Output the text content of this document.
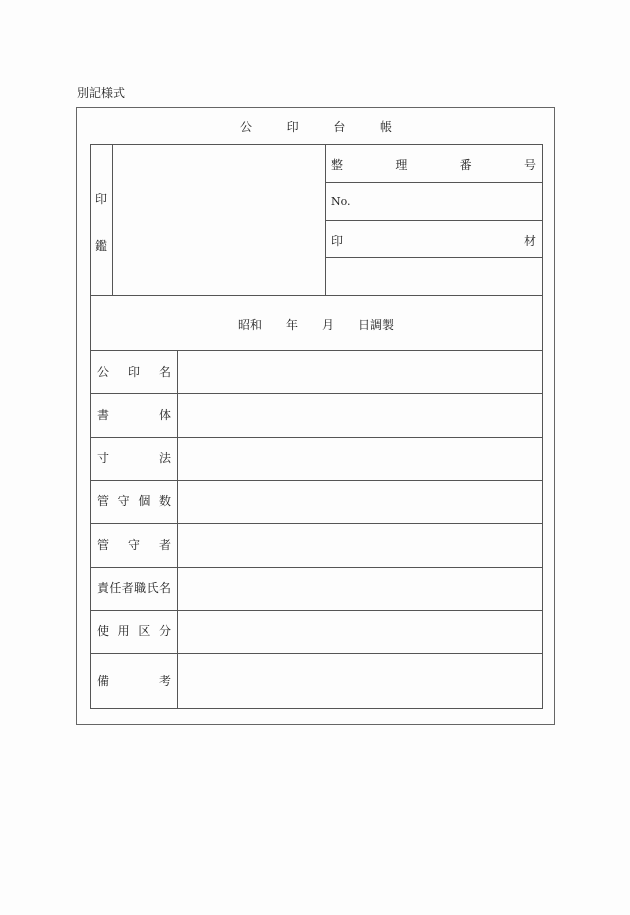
別記様式
公	印	台	帳
印
鑑
整	理	番	号
No.
印	材
昭和 年 月 日調製
公 印 名
書	体
寸	法
管 守 個 数
管 守 者
責 任 者 職 氏 名
使 用 区 分
備	考
